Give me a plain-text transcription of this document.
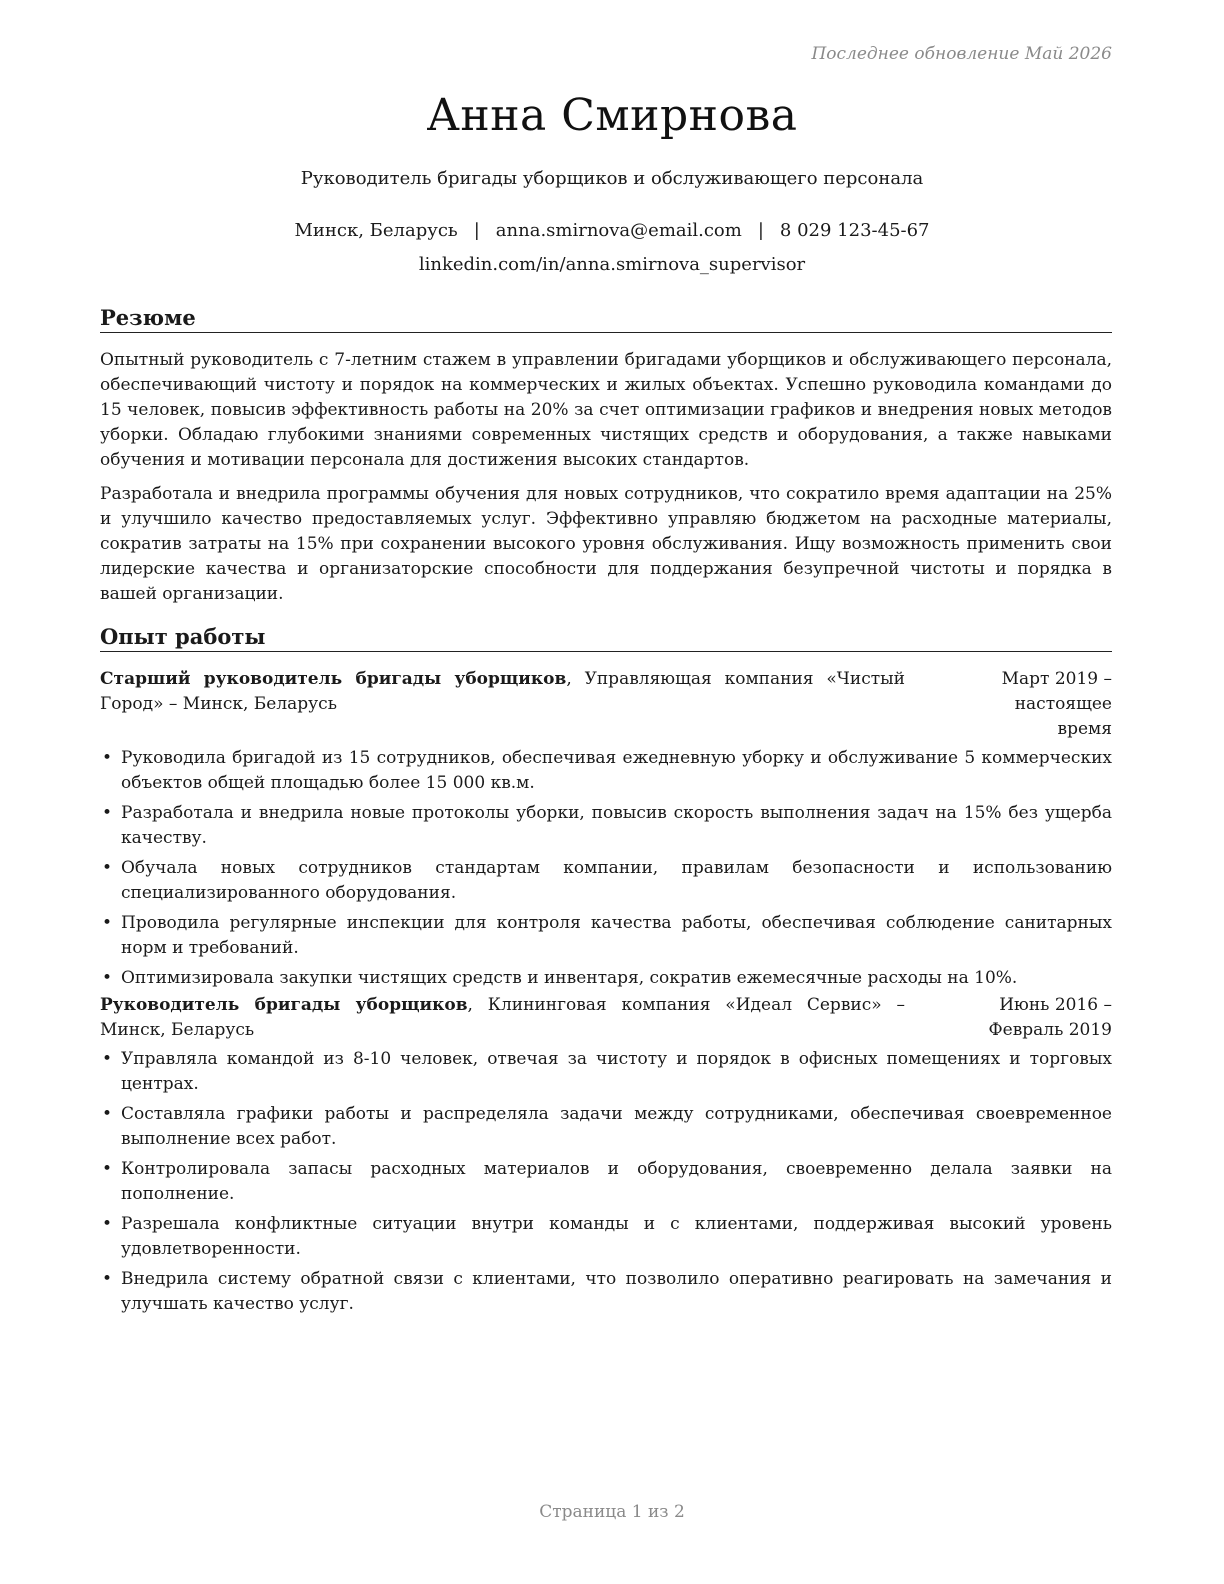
Последнее обновление Май 2026
Анна Смирнова
Руководитель бригады уборщиков и обслуживающего персонала
Минск, Беларусь | anna.smirnova@email.com | 8 029 123-45-67
linkedin.com/in/anna.smirnova_supervisor
Резюме

Опытный руководитель с 7-летним стажем в управлении бригадами уборщиков и обслуживающего персонала, обеспечивающий чистоту и порядок на коммерческих и жилых объектах. Успешно руководила командами до 15 человек, повысив эффективность работы на 20% за счет оптимизации графиков и внедрения новых методов уборки. Обладаю глубокими знаниями современных чистящих средств и оборудования, а также навыками обучения и мотивации персонала для достижения высоких стандартов.

Разработала и внедрила программы обучения для новых сотрудников, что сократило время адаптации на 25% и улучшило качество предоставляемых услуг. Эффективно управляю бюджетом на расходные материалы, сократив затраты на 15% при сохранении высокого уровня обслуживания. Ищу возможность применить свои лидерские качества и организаторские способности для поддержания безупречной чистоты и порядка в вашей организации.

Опыт работы
Старший руководитель бригады уборщиков, Управляющая компания «Чистый Город» – Минск, Беларусь
Март 2019 – настоящее время
• Руководила бригадой из 15 сотрудников, обеспечивая ежедневную уборку и обслуживание 5 коммерческих объектов общей площадью более 15 000 кв.м.
• Разработала и внедрила новые протоколы уборки, повысив скорость выполнения задач на 15% без ущерба качеству.
• Обучала новых сотрудников стандартам компании, правилам безопасности и использованию специализированного оборудования.
• Проводила регулярные инспекции для контроля качества работы, обеспечивая соблюдение санитарных норм и требований.
• Оптимизировала закупки чистящих средств и инвентаря, сократив ежемесячные расходы на 10%.
Руководитель бригады уборщиков, Клининговая компания «Идеал Сервис» – Минск, Беларусь
Июнь 2016 – Февраль 2019
• Управляла командой из 8-10 человек, отвечая за чистоту и порядок в офисных помещениях и торговых центрах.
• Составляла графики работы и распределяла задачи между сотрудниками, обеспечивая своевременное выполнение всех работ.
• Контролировала запасы расходных материалов и оборудования, своевременно делала заявки на пополнение.
• Разрешала конфликтные ситуации внутри команды и с клиентами, поддерживая высокий уровень удовлетворенности.
• Внедрила систему обратной связи с клиентами, что позволило оперативно реагировать на замечания и улучшать качество услуг.
Страница 1 из 2
